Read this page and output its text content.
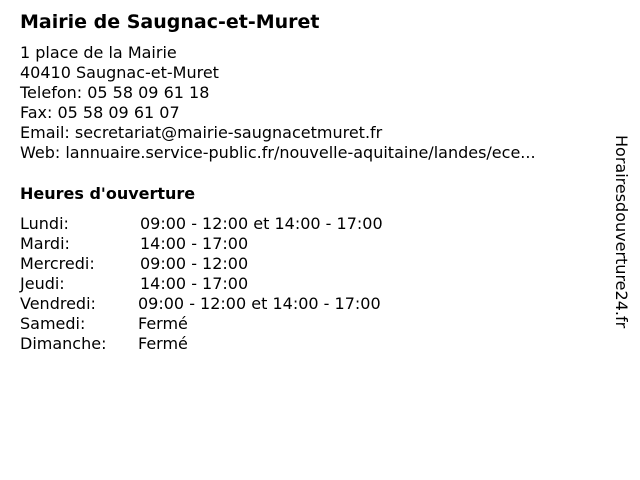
Mairie de Saugnac-et-Muret
1 place de la Mairie
40410 Saugnac-et-Muret
Telefon: 05 58 09 61 18
Fax: 05 58 09 61 07
Email: secretariat@mairie-saugnacetmuret.fr
Web: lannuaire.service-public.fr/nouvelle-aquitaine/landes/ece...
Heures d'ouverture
Lundi:	09:00 - 12:00 et 14:00 - 17:00
Mardi:	14:00 - 17:00
Mercredi:	09:00 - 12:00
Jeudi:	14:00 - 17:00
Vendredi:	09:00 - 12:00 et 14:00 - 17:00
Samedi:	Fermé
Dimanche: Fermé
Horairesdouverture24.fr
